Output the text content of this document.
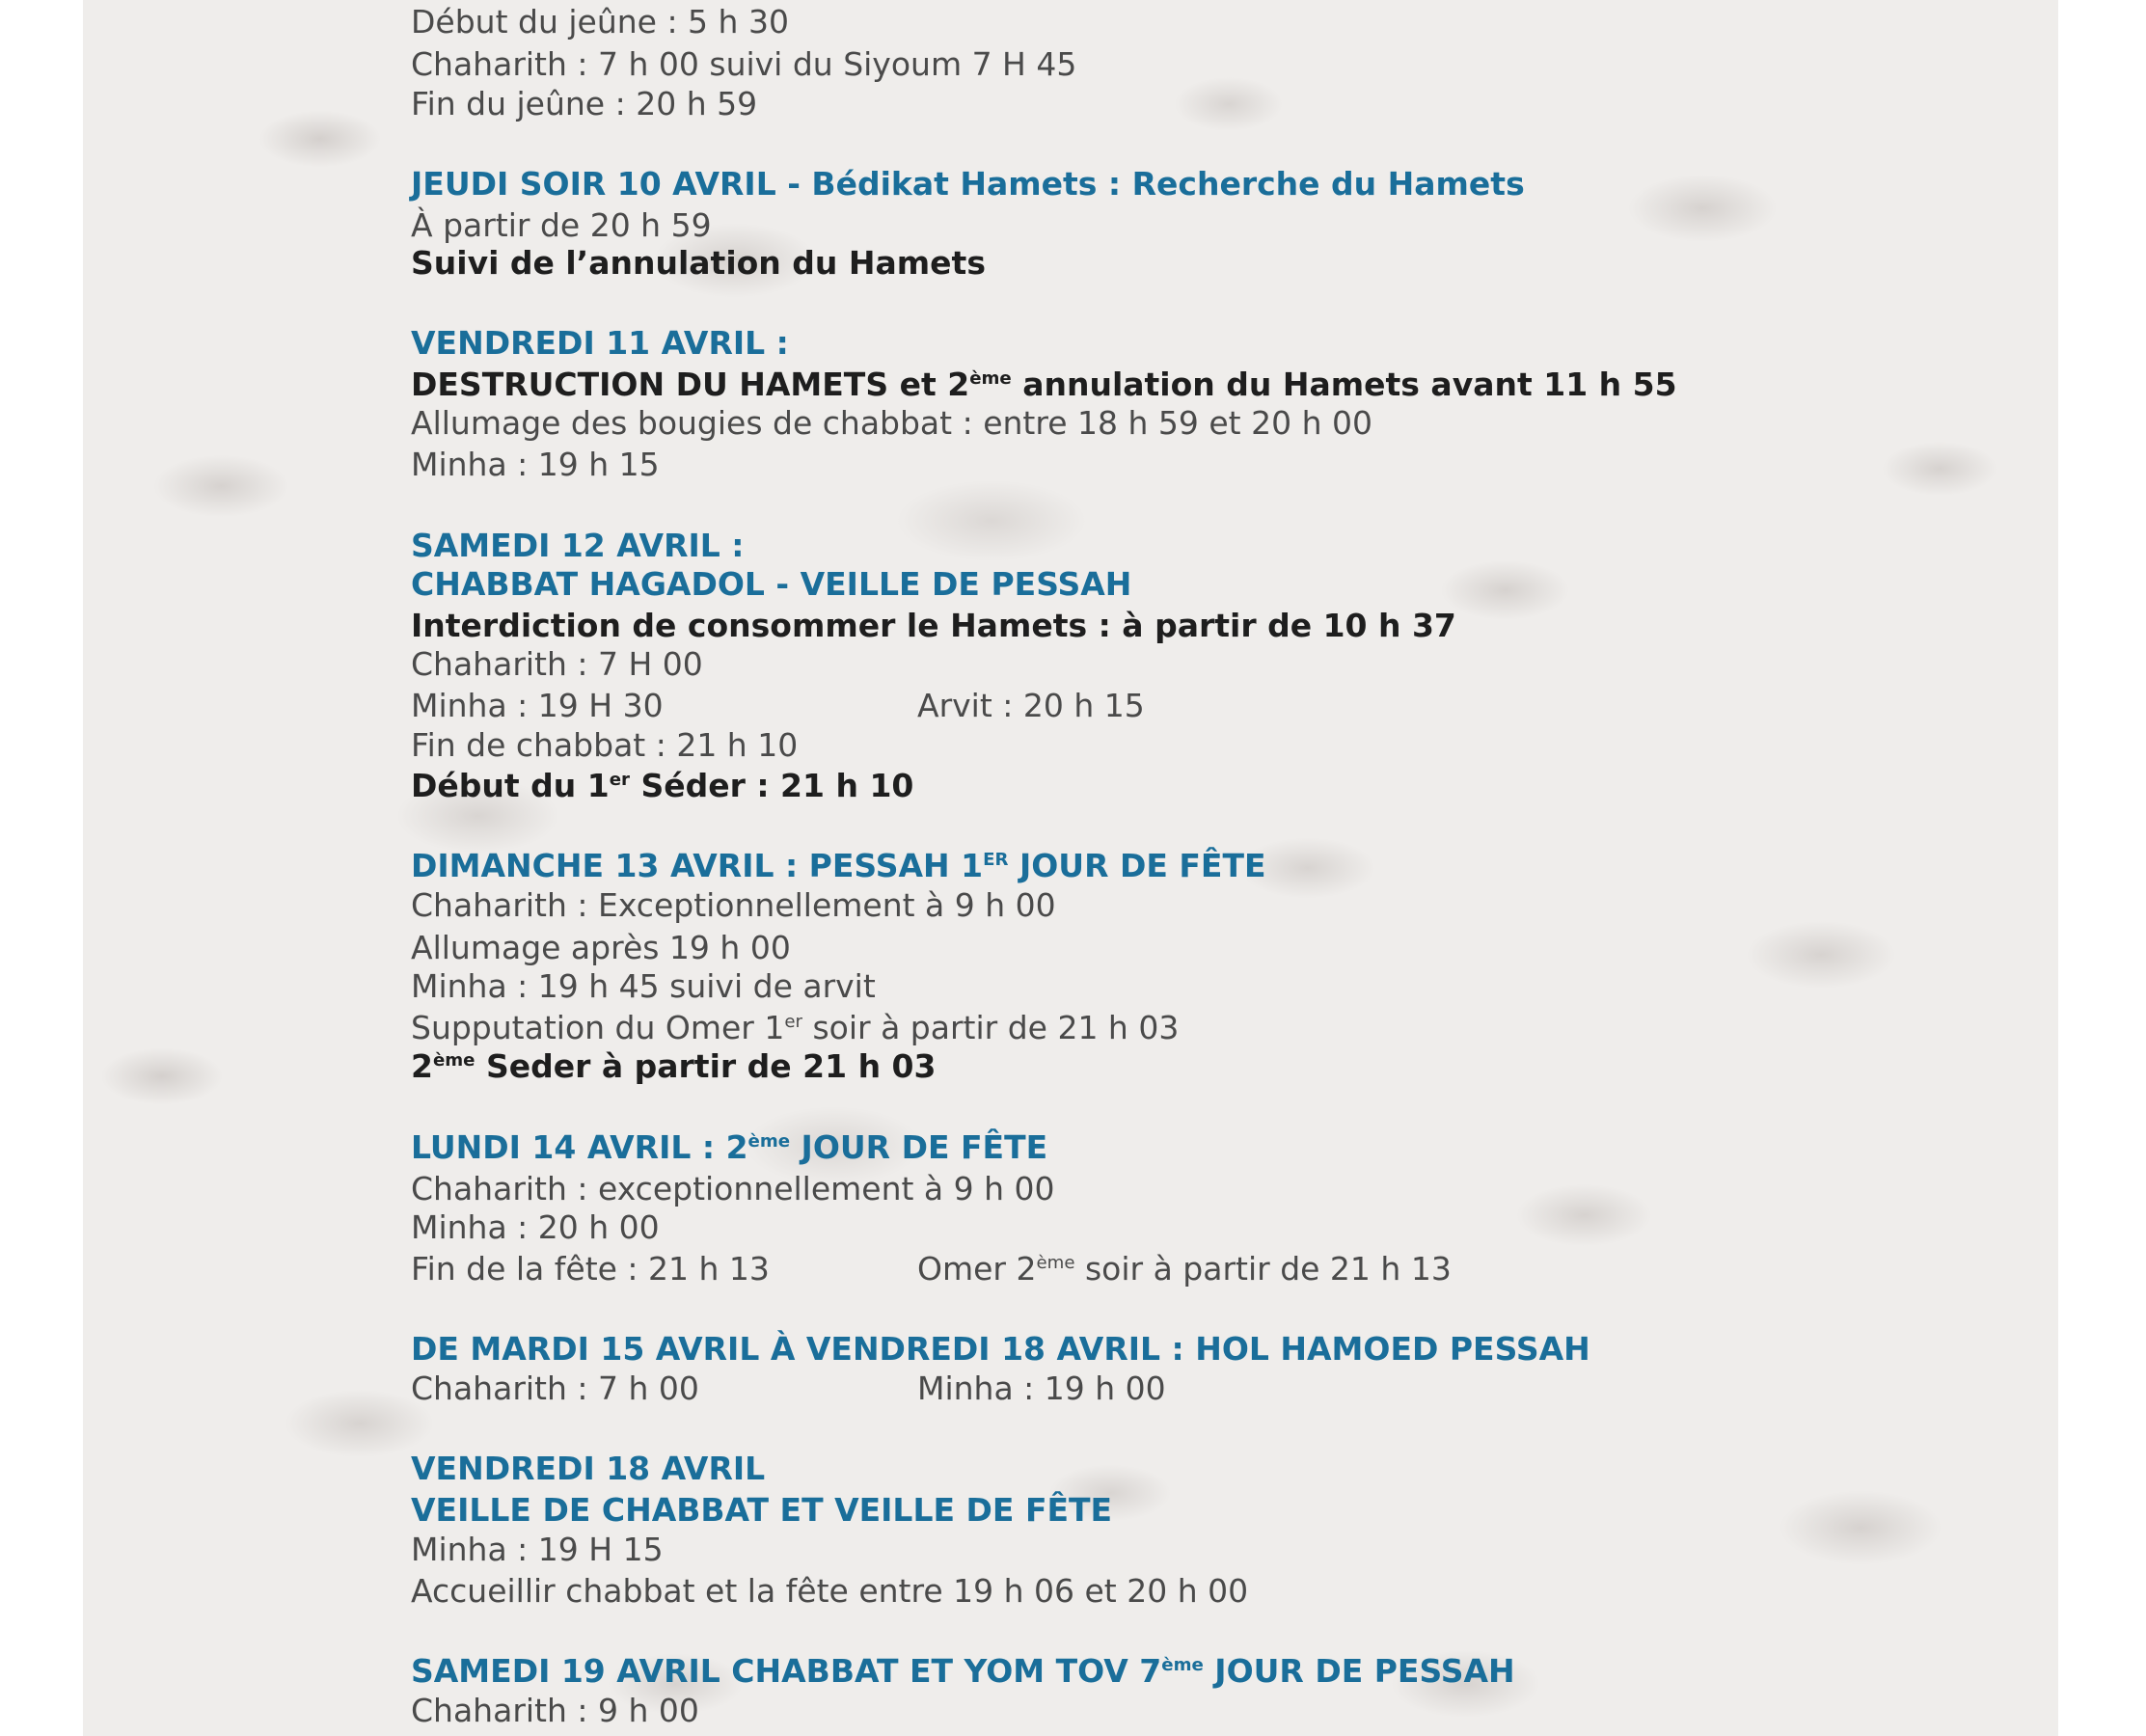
Début du jeûne : 5 h 30
Chaharith : 7 h 00 suivi du Siyoum 7 H 45
Fin du jeûne : 20 h 59
JEUDI SOIR 10 AVRIL - Bédikat Hamets : Recherche du Hamets
À partir de 20 h 59
Suivi de l’annulation du Hamets
VENDREDI 11 AVRIL :
DESTRUCTION DU HAMETS et 2ème annulation du Hamets avant 11 h 55
Allumage des bougies de chabbat : entre 18 h 59 et 20 h 00
Minha : 19 h 15
SAMEDI 12 AVRIL :
CHABBAT HAGADOL - VEILLE DE PESSAH
Interdiction de consommer le Hamets : à partir de 10 h 37
Chaharith : 7 H 00
Minha : 19 H 30	Arvit : 20 h 15
Fin de chabbat : 21 h 10
Début du 1er Séder : 21 h 10
DIMANCHE 13 AVRIL : PESSAH 1ER JOUR DE FÊTE
Chaharith : Exceptionnellement à 9 h 00
Allumage après 19 h 00
Minha : 19 h 45 suivi de arvit
Supputation du Omer 1er soir à partir de 21 h 03
2ème Seder à partir de 21 h 03
LUNDI 14 AVRIL : 2ème JOUR DE FÊTE
Chaharith : exceptionnellement à 9 h 00
Minha : 20 h 00
Fin de la fête : 21 h 13	Omer 2ème soir à partir de 21 h 13
DE MARDI 15 AVRIL À VENDREDI 18 AVRIL : HOL HAMOED PESSAH
Chaharith : 7 h 00	Minha : 19 h 00
VENDREDI 18 AVRIL
VEILLE DE CHABBAT ET VEILLE DE FÊTE
Minha : 19 H 15
Accueillir chabbat et la fête entre 19 h 06 et 20 h 00
SAMEDI 19 AVRIL CHABBAT ET YOM TOV 7ème JOUR DE PESSAH
Chaharith : 9 h 00
